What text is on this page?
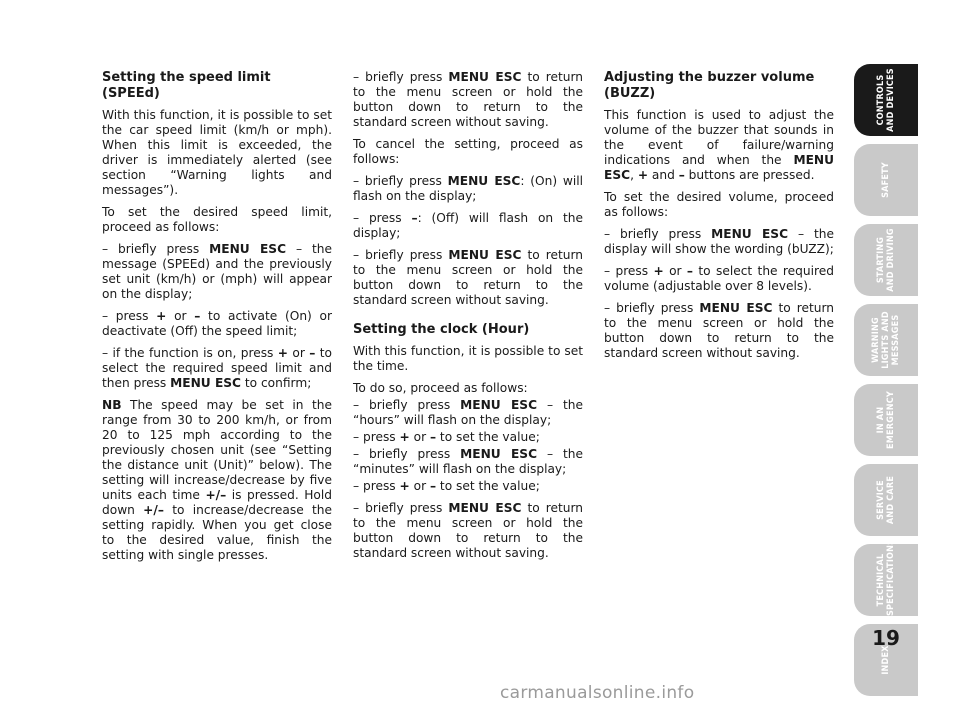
Setting the speed limit (SPEEd)

With this function, it is possible to set the car speed limit (km/h or mph). When this limit is exceeded, the driver is immediately alerted (see section “Warning lights and messages”).

To set the desired speed limit, proceed as follows:

– briefly press MENU ESC – the message (SPEEd) and the previously set unit (km/h) or (mph) will appear on the display;

– press + or – to activate (On) or deactivate (Off) the speed limit;

– if the function is on, press + or – to select the required speed limit and then press MENU ESC to confirm;

NB The speed may be set in the range from 30 to 200 km/h, or from 20 to 125 mph according to the previously chosen unit (see “Setting the distance unit (Unit)” below). The setting will increase/decrease by five units each time +/– is pressed. Hold down +/– to increase/decrease the setting rapidly. When you get close to the desired value, finish the setting with single presses.

– briefly press MENU ESC to return to the menu screen or hold the button down to return to the standard screen without saving.

To cancel the setting, proceed as follows:

– briefly press MENU ESC: (On) will flash on the display;

– press –: (Off) will flash on the display;

– briefly press MENU ESC to return to the menu screen or hold the button down to return to the standard screen without saving.

Setting the clock (Hour)

With this function, it is possible to set the time.

To do so, proceed as follows:

– briefly press MENU ESC – the “hours” will flash on the display;

– press + or – to set the value;

– briefly press MENU ESC – the “minutes” will flash on the display;

– press + or – to set the value;

– briefly press MENU ESC to return to the menu screen or hold the button down to return to the standard screen without saving.

Adjusting the buzzer volume (BUZZ)

This function is used to adjust the volume of the buzzer that sounds in the event of failure/warning indications and when the MENU ESC, + and – buttons are pressed.

To set the desired volume, proceed as follows:

– briefly press MENU ESC – the display will show the wording (bUZZ);

– press + or – to select the required volume (adjustable over 8 levels).

– briefly press MENU ESC to return to the menu screen or hold the button down to return to the standard screen without saving.

CONTROLS
AND DEVICES
SAFETY
STARTING
AND DRIVING
WARNING
LIGHTS AND
MESSAGES
IN AN
EMERGENCY
SERVICE
AND CARE
TECHNICAL
SPECIFICATIONS
INDEX
19
carmanualsonline.info
